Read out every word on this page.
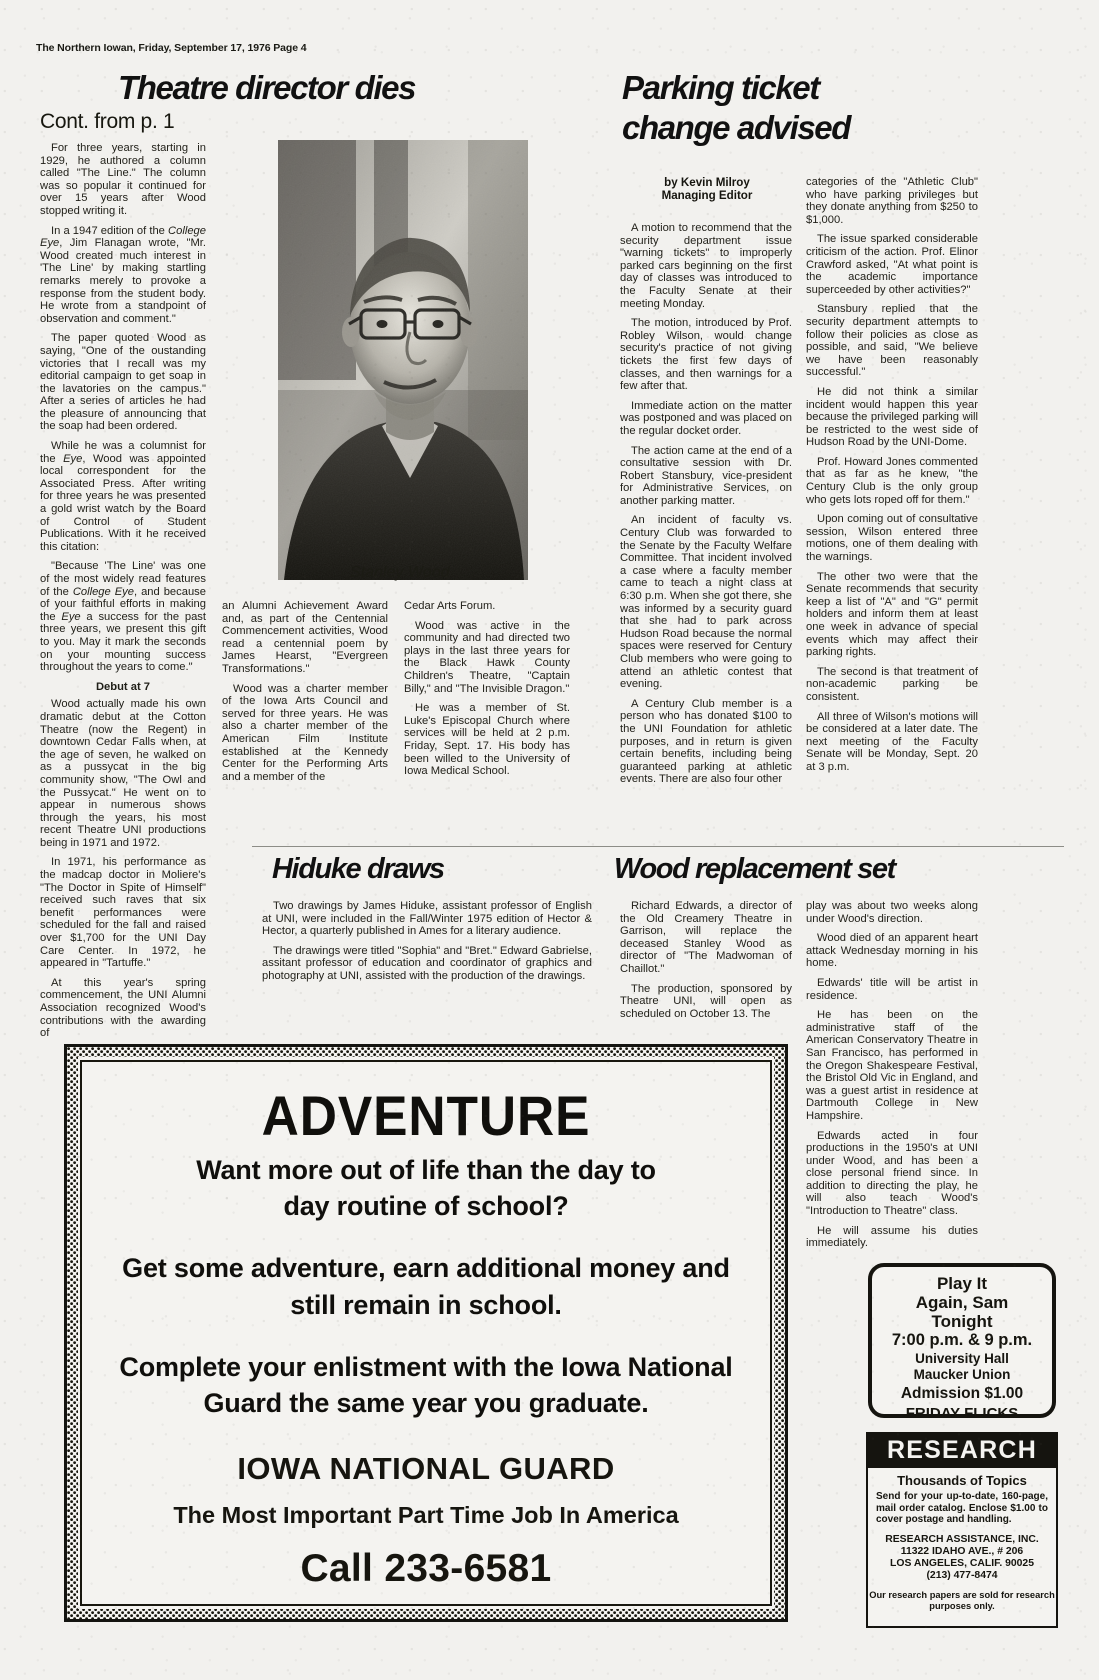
The Northern Iowan, Friday, September 17, 1976 Page 4
Theatre director dies
Cont. from p. 1

For three years, starting in 1929, he authored a column called "The Line." The column was so popular it continued for over 15 years after Wood stopped writing it.

In a 1947 edition of the College Eye, Jim Flanagan wrote, "Mr. Wood created much interest in 'The Line' by making startling remarks merely to provoke a response from the student body. He wrote from a standpoint of observation and comment."

The paper quoted Wood as saying, "One of the oustanding victories that I recall was my editorial campaign to get soap in the lavatories on the campus." After a series of articles he had the pleasure of announcing that the soap had been ordered.

While he was a columnist for the Eye, Wood was appointed local correspondent for the Associated Press. After writing for three years he was presented a gold wrist watch by the Board of Control of Student Publications. With it he received this citation:

"Because 'The Line' was one of the most widely read features of the College Eye, and because of your faithful efforts in making the Eye a success for the past three years, we present this gift to you. May it mark the seconds on your mounting success throughout the years to come."

Debut at 7

Wood actually made his own dramatic debut at the Cotton Theatre (now the Regent) in downtown Cedar Falls when, at the age of seven, he walked on as a pussycat in the big community show, "The Owl and the Pussycat." He went on to appear in numerous shows through the years, his most recent Theatre UNI productions being in 1971 and 1972.

In 1971, his performance as the madcap doctor in Moliere's "The Doctor in Spite of Himself" received such raves that six benefit performances were scheduled for the fall and raised over $1,700 for the UNI Day Care Center. In 1972, he appeared in "Tartuffe."

At this year's spring commencement, the UNI Alumni Association recognized Wood's contributions with the awarding of

Stanley Wood

an Alumni Achievement Award and, as part of the Centennial Commencement activities, Wood read a centennial poem by James Hearst, "Evergreen Transformations."

Wood was a charter member of the Iowa Arts Council and served for three years. He was also a charter member of the American Film Institute established at the Kennedy Center for the Performing Arts and a member of the

Cedar Arts Forum.

Wood was active in the community and had directed two plays in the last three years for the Black Hawk County Children's Theatre, "Captain Billy," and "The Invisible Dragon."

He was a member of St. Luke's Episcopal Church where services will be held at 2 p.m. Friday, Sept. 17. His body has been willed to the University of Iowa Medical School.

Parking ticket
change advised
by Kevin Milroy
Managing Editor

A motion to recommend that the security department issue "warning tickets" to improperly parked cars beginning on the first day of classes was introduced to the Faculty Senate at their meeting Monday.

The motion, introduced by Prof. Robley Wilson, would change security's practice of not giving tickets the first few days of classes, and then warnings for a few after that.

Immediate action on the matter was postponed and was placed on the regular docket order.

The action came at the end of a consultative session with Dr. Robert Stansbury, vice-president for Administrative Services, on another parking matter.

An incident of faculty vs. Century Club was forwarded to the Senate by the Faculty Welfare Committee. That incident involved a case where a faculty member came to teach a night class at 6:30 p.m. When she got there, she was informed by a security guard that she had to park across Hudson Road because the normal spaces were reserved for Century Club members who were going to attend an athletic contest that evening.

A Century Club member is a person who has donated $100 to the UNI Foundation for athletic purposes, and in return is given certain benefits, including being guaranteed parking at athletic events. There are also four other

categories of the "Athletic Club" who have parking privileges but they donate anything from $250 to $1,000.

The issue sparked considerable criticism of the action. Prof. Elinor Crawford asked, "At what point is the academic importance superceeded by other activities?"

Stansbury replied that the security department attempts to follow their policies as close as possible, and said, "We believe we have been reasonably successful."

He did not think a similar incident would happen this year because the privileged parking will be restricted to the west side of Hudson Road by the UNI-Dome.

Prof. Howard Jones commented that as far as he knew, "the Century Club is the only group who gets lots roped off for them."

Upon coming out of consultative session, Wilson entered three motions, one of them dealing with the warnings.

The other two were that the Senate recommends that security keep a list of "A" and "G" permit holders and inform them at least one week in advance of special events which may affect their parking rights.

The second is that treatment of non-academic parking be consistent.

All three of Wilson's motions will be considered at a later date. The next meeting of the Faculty Senate will be Monday, Sept. 20 at 3 p.m.

Hiduke draws

Two drawings by James Hiduke, assistant professor of English at UNI, were included in the Fall/Winter 1975 edition of Hector & Hector, a quarterly published in Ames for a literary audience.

The drawings were titled "Sophia" and "Bret." Edward Gabrielse, assitant professor of education and coordinator of graphics and photography at UNI, assisted with the production of the drawings.

Wood replacement set

Richard Edwards, a director of the Old Creamery Theatre in Garrison, will replace the deceased Stanley Wood as director of "The Madwoman of Chaillot."

The production, sponsored by Theatre UNI, will open as scheduled on October 13. The

play was about two weeks along under Wood's direction.

Wood died of an apparent heart attack Wednesday morning in his home.

Edwards' title will be artist in residence.

He has been on the administrative staff of the American Conservatory Theatre in San Francisco, has performed in the Oregon Shakespeare Festival, the Bristol Old Vic in England, and was a guest artist in residence at Dartmouth College in New Hampshire.

Edwards acted in four productions in the 1950's at UNI under Wood, and has been a close personal friend since. In addition to directing the play, he will also teach Wood's "Introduction to Theatre" class.

He will assume his duties immediately.

ADVENTURE
Want more out of life than the day to
day routine of school?
Get some adventure, earn additional money and
still remain in school.
Complete your enlistment with the Iowa National
Guard the same year you graduate.
IOWA NATIONAL GUARD
The Most Important Part Time Job In America
Call 233-6581
Play It
Again, Sam
Tonight
7:00 p.m. & 9 p.m.
University Hall
Maucker Union
Admission $1.00
FRIDAY FLICKS
RESEARCH
Thousands of Topics
Send for your up-to-date, 160-page, mail order catalog. Enclose $1.00 to cover postage and handling.
RESEARCH ASSISTANCE, INC.
11322 IDAHO AVE., # 206
LOS ANGELES, CALIF. 90025
(213) 477-8474
Our research papers are sold for research purposes only.
